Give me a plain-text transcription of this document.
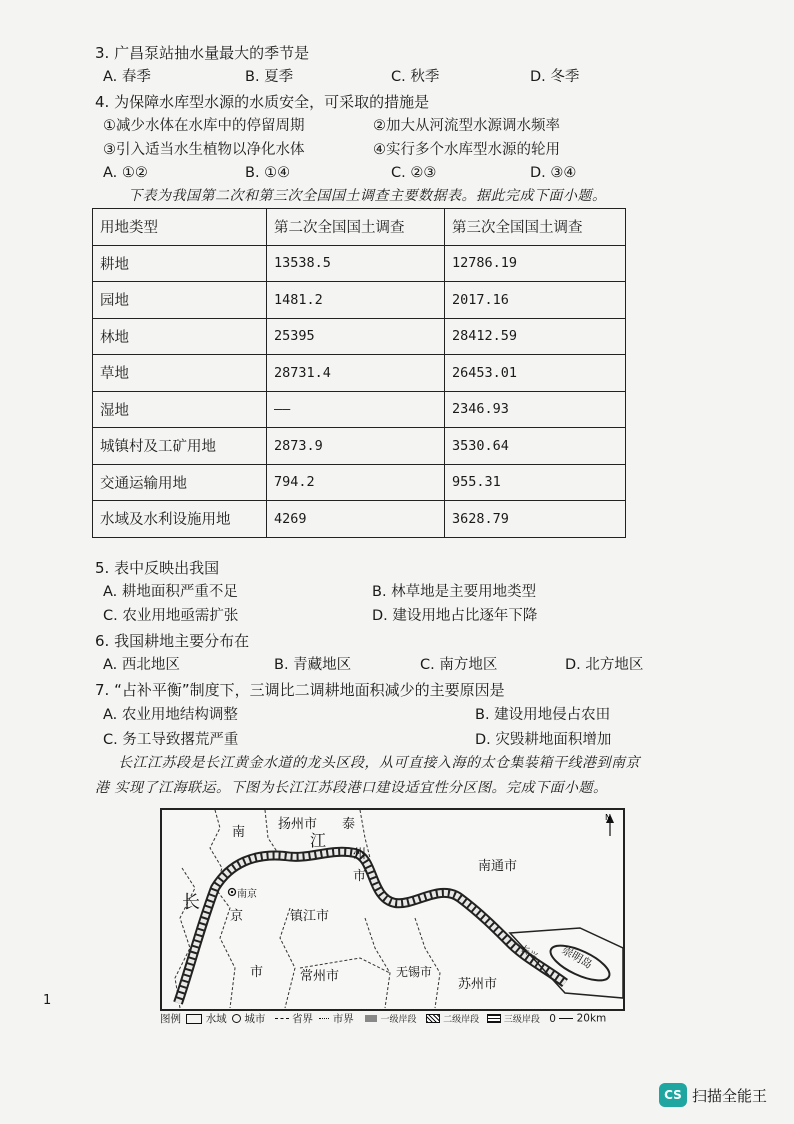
3. 广昌泵站抽水量最大的季节是
A. 春季	B. 夏季	C. 秋季	D. 冬季
4. 为保障水库型水源的水质安全，可采取的措施是
①减少水体在水库中的停留周期	②加大从河流型水源调水频率
③引入适当水生植物以净化水体	④实行多个水库型水源的轮用
A. ①②	B. ①④	C. ②③	D. ③④
下表为我国第二次和第三次全国国土调查主要数据表。据此完成下面小题。
用地类型	第二次全国国土调查	第三次全国国土调查
耕地	13538.5	12786.19
园地	1481.2	2017.16
林地	25395	28412.59
草地	28731.4	26453.01
湿地	——	2346.93
城镇村及工矿用地	2873.9	3530.64
交通运输用地	794.2	955.31
水域及水利设施用地	4269	3628.79
5. 表中反映出我国
A. 耕地面积严重不足	B. 林草地是主要用地类型
C. 农业用地亟需扩张	D. 建设用地占比逐年下降
6. 我国耕地主要分布在
A. 西北地区	B. 青藏地区	C. 南方地区	D. 北方地区
7. “占补平衡”制度下，三调比二调耕地面积减少的主要原因是
A. 农业用地结构调整	B. 建设用地侵占农田
C. 务工导致撂荒严重	D. 灾毁耕地面积增加
长江江苏段是长江黄金水道的龙头区段，从可直接入海的太仓集装箱干线港到南京
港 实现了江海联运。下图为长江江苏段港口建设适宜性分区图。完成下面小题。
南
京
南京
扬州市
江
泰
州
市
南通市
镇江市
长
市	常州市	无锡市
苏州市
崇明岛
长兴
N
图例 水域 城市	省界 市界	一级岸段	二级岸段	三级岸段 0 20km
1
CS 扫描全能王
